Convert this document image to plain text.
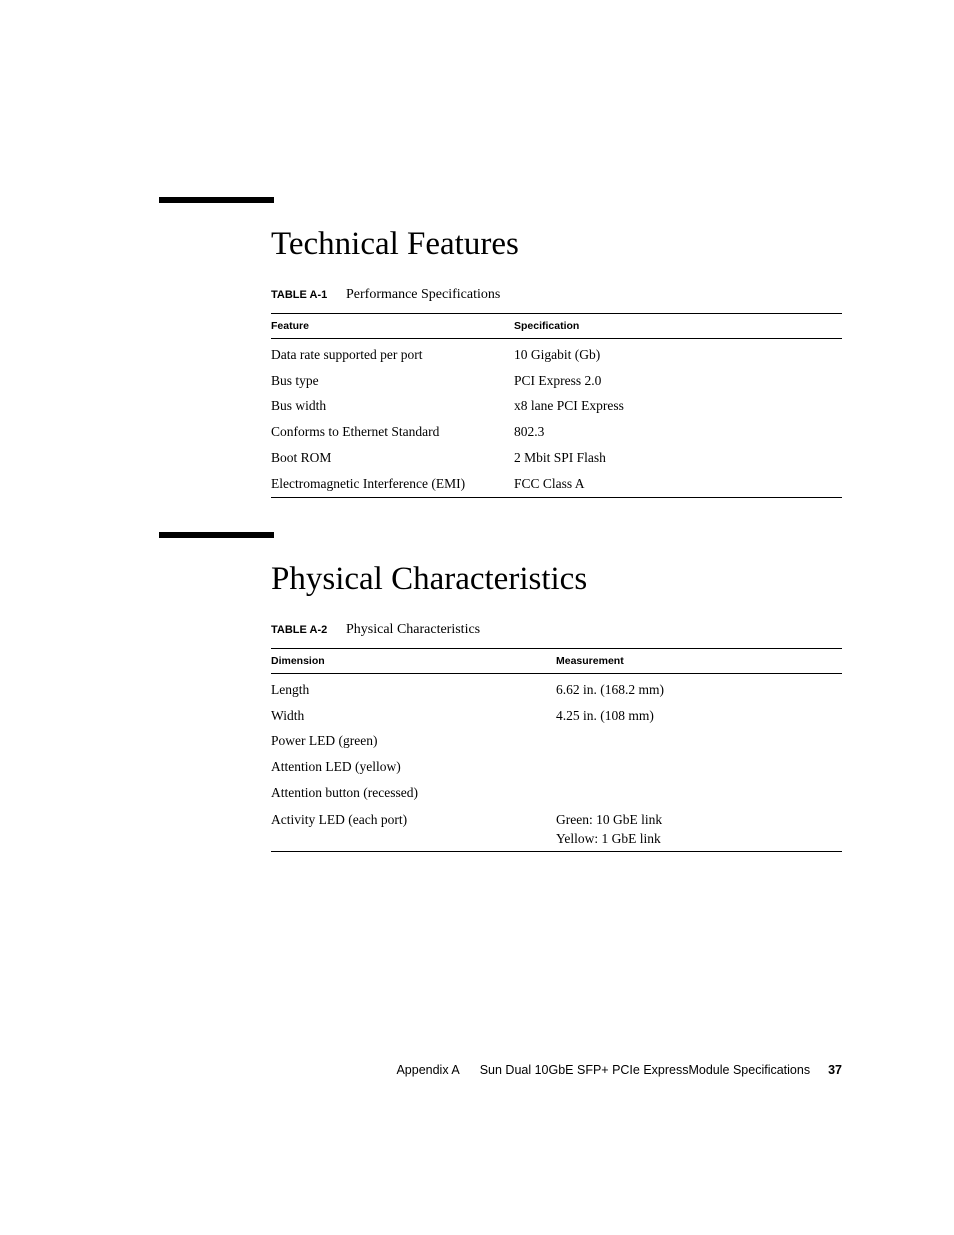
Technical Features
TABLE A-1 Performance Specifications
Feature	Specification
Data rate supported per port	10 Gigabit (Gb)
Bus type	PCI Express 2.0
Bus width	x8 lane PCI Express
Conforms to Ethernet Standard	802.3
Boot ROM	2 Mbit SPI Flash
Electromagnetic Interference (EMI)	FCC Class A
Physical Characteristics
TABLE A-2 Physical Characteristics
Dimension	Measurement
Length	6.62 in. (168.2 mm)
Width	4.25 in. (108 mm)
Power LED (green)	
Attention LED (yellow)	
Attention button (recessed)	

Activity LED (each port)	Green: 10 GbE link
Yellow: 1 GbE link
Appendix A Sun Dual 10GbE SFP+ PCIe ExpressModule Specifications 37
